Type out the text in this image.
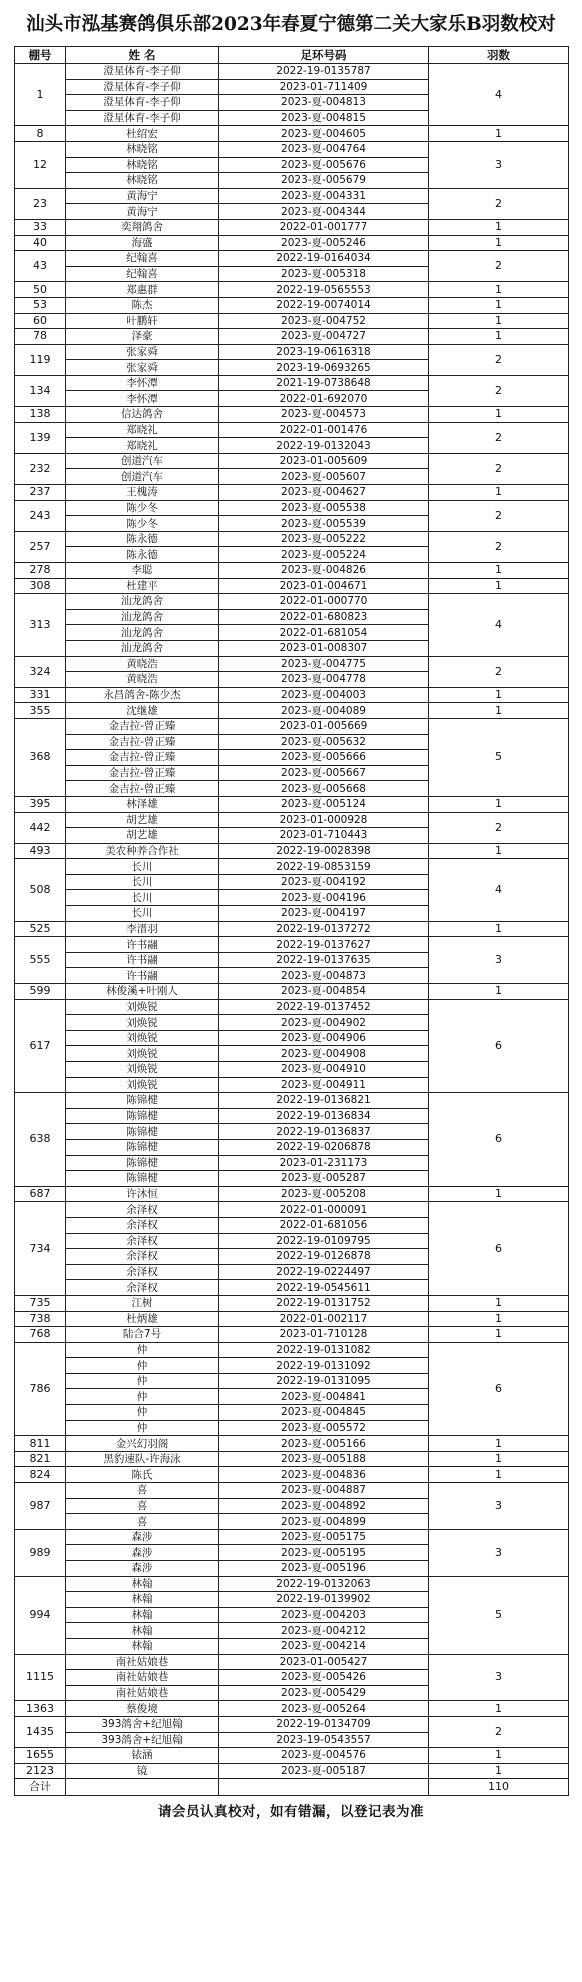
汕头市泓基赛鸽俱乐部2023年春夏宁德第二关大家乐B羽数校对
棚号	姓 名	足环号码	羽数
1	澄星体育-李子仰	2022-19-0135787	4
	澄星体育-李子仰	2023-01-711409	
	澄星体育-李子仰	2023-夏-004813	
	澄星体育-李子仰	2023-夏-004815	
8	杜绍宏	2023-夏-004605	1
12	林晓铭	2023-夏-004764	3
	林晓铭	2023-夏-005676	
	林晓铭	2023-夏-005679	
23	黄海宁	2023-夏-004331	2
	黄海宁	2023-夏-004344	
33	奕翔鸽舍	2022-01-001777	1
40	海盛	2023-夏-005246	1
43	纪翰喜	2022-19-0164034	2
	纪翰喜	2023-夏-005318	
50	郑惠群	2022-19-0565553	1
53	陈杰	2022-19-0074014	1
60	叶鹏轩	2023-夏-004752	1
78	泽豪	2023-夏-004727	1
119	张家舜	2023-19-0616318	2
	张家舜	2023-19-0693265	
134	李怀潭	2021-19-0738648	2
	李怀潭	2022-01-692070	
138	信达鸽舍	2023-夏-004573	1
139	郑晓礼	2022-01-001476	2
	郑晓礼	2022-19-0132043	
232	创道汽车	2023-01-005609	2
	创道汽车	2023-夏-005607	
237	王槐涛	2023-夏-004627	1
243	陈少冬	2023-夏-005538	2
	陈少冬	2023-夏-005539	
257	陈永德	2023-夏-005222	2
	陈永德	2023-夏-005224	
278	李聪	2023-夏-004826	1
308	杜建平	2023-01-004671	1
313	汕龙鸽舍	2022-01-000770	4
	汕龙鸽舍	2022-01-680823	
	汕龙鸽舍	2022-01-681054	
	汕龙鸽舍	2023-01-008307	
324	黄晓浩	2023-夏-004775	2
	黄晓浩	2023-夏-004778	
331	永昌鸽舍-陈少杰	2023-夏-004003	1
355	沈继雄	2023-夏-004089	1
368	金吉拉-曾正臻	2023-01-005669	5
	金吉拉-曾正臻	2023-夏-005632	
	金吉拉-曾正臻	2023-夏-005666	
	金吉拉-曾正臻	2023-夏-005667	
	金吉拉-曾正臻	2023-夏-005668	
395	林泽雄	2023-夏-005124	1
442	胡艺雄	2023-01-000928	2
	胡艺雄	2023-01-710443	
493	美农种养合作社	2022-19-0028398	1
508	长川	2022-19-0853159	4
	长川	2023-夏-004192	
	长川	2023-夏-004196	
	长川	2023-夏-004197	
525	李溍羽	2022-19-0137272	1
555	许书翮	2022-19-0137627	3
	许书翮	2022-19-0137635	
	许书翮	2023-夏-004873	
599	林俊溪+叶刚人	2023-夏-004854	1
617	刘焕锐	2022-19-0137452	6
	刘焕锐	2023-夏-004902	
	刘焕锐	2023-夏-004906	
	刘焕锐	2023-夏-004908	
	刘焕锐	2023-夏-004910	
	刘焕锐	2023-夏-004911	
638	陈锦楗	2022-19-0136821	6
	陈锦楗	2022-19-0136834	
	陈锦楗	2022-19-0136837	
	陈锦楗	2022-19-0206878	
	陈锦楗	2023-01-231173	
	陈锦楗	2023-夏-005287	
687	许沐恒	2023-夏-005208	1
734	余泽权	2022-01-000091	6
	余泽权	2022-01-681056	
	余泽权	2022-19-0109795	
	余泽权	2022-19-0126878	
	余泽权	2022-19-0224497	
	余泽权	2022-19-0545611	
735	江树	2022-19-0131752	1
738	杜炳雄	2022-01-002117	1
768	陆合7号	2023-01-710128	1
786	仲	2022-19-0131082	6
	仲	2022-19-0131092	
	仲	2022-19-0131095	
	仲	2023-夏-004841	
	仲	2023-夏-004845	
	仲	2023-夏-005572	
811	金兴幻羽阁	2023-夏-005166	1
821	黑豹速队-许海泳	2023-夏-005188	1
824	陈氏	2023-夏-004836	1
987	喜	2023-夏-004887	3
	喜	2023-夏-004892	
	喜	2023-夏-004899	
989	森涉	2023-夏-005175	3
	森涉	2023-夏-005195	
	森涉	2023-夏-005196	
994	林翰	2022-19-0132063	5
	林翰	2022-19-0139902	
	林翰	2023-夏-004203	
	林翰	2023-夏-004212	
	林翰	2023-夏-004214	
1115	南社姑娘巷	2023-01-005427	3
	南社姑娘巷	2023-夏-005426	
	南社姑娘巷	2023-夏-005429	
1363	蔡俊境	2023-夏-005264	1
1435	393鸽舍+纪旭翰	2022-19-0134709	2
	393鸽舍+纪旭翰	2023-19-0543557	
1655	铱涵	2023-夏-004576	1
2123	镜	2023-夏-005187	1
合计			110
请会员认真校对，如有错漏，以登记表为准
